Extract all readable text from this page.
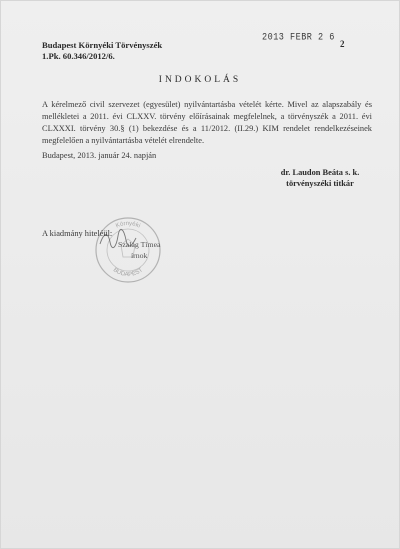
Budapest Környéki Törvényszék
1.Pk. 60.346/2012/6.
2013 FEBR 2 6
2
INDOKOLÁS
A kérelmező civil szervezet (egyesület) nyilvántartásba vételét kérte. Mivel az alapszabály és mellékletei a 2011. évi CLXXV. törvény előírásainak megfelelnek, a törvényszék a 2011. évi CLXXXI. törvény 30.§ (1) bekezdése és a 11/2012. (II.29.) KIM rendelet rendelkezéseinek megfelelően a nyilvántartásba vételét elrendelte.
Budapest, 2013. január 24. napján
dr. Laudon Beáta s. k.
törvényszéki titkár
Környéki
BUDAPEST
A kiadmány hiteléül:
Szalag Tímea
írnok
